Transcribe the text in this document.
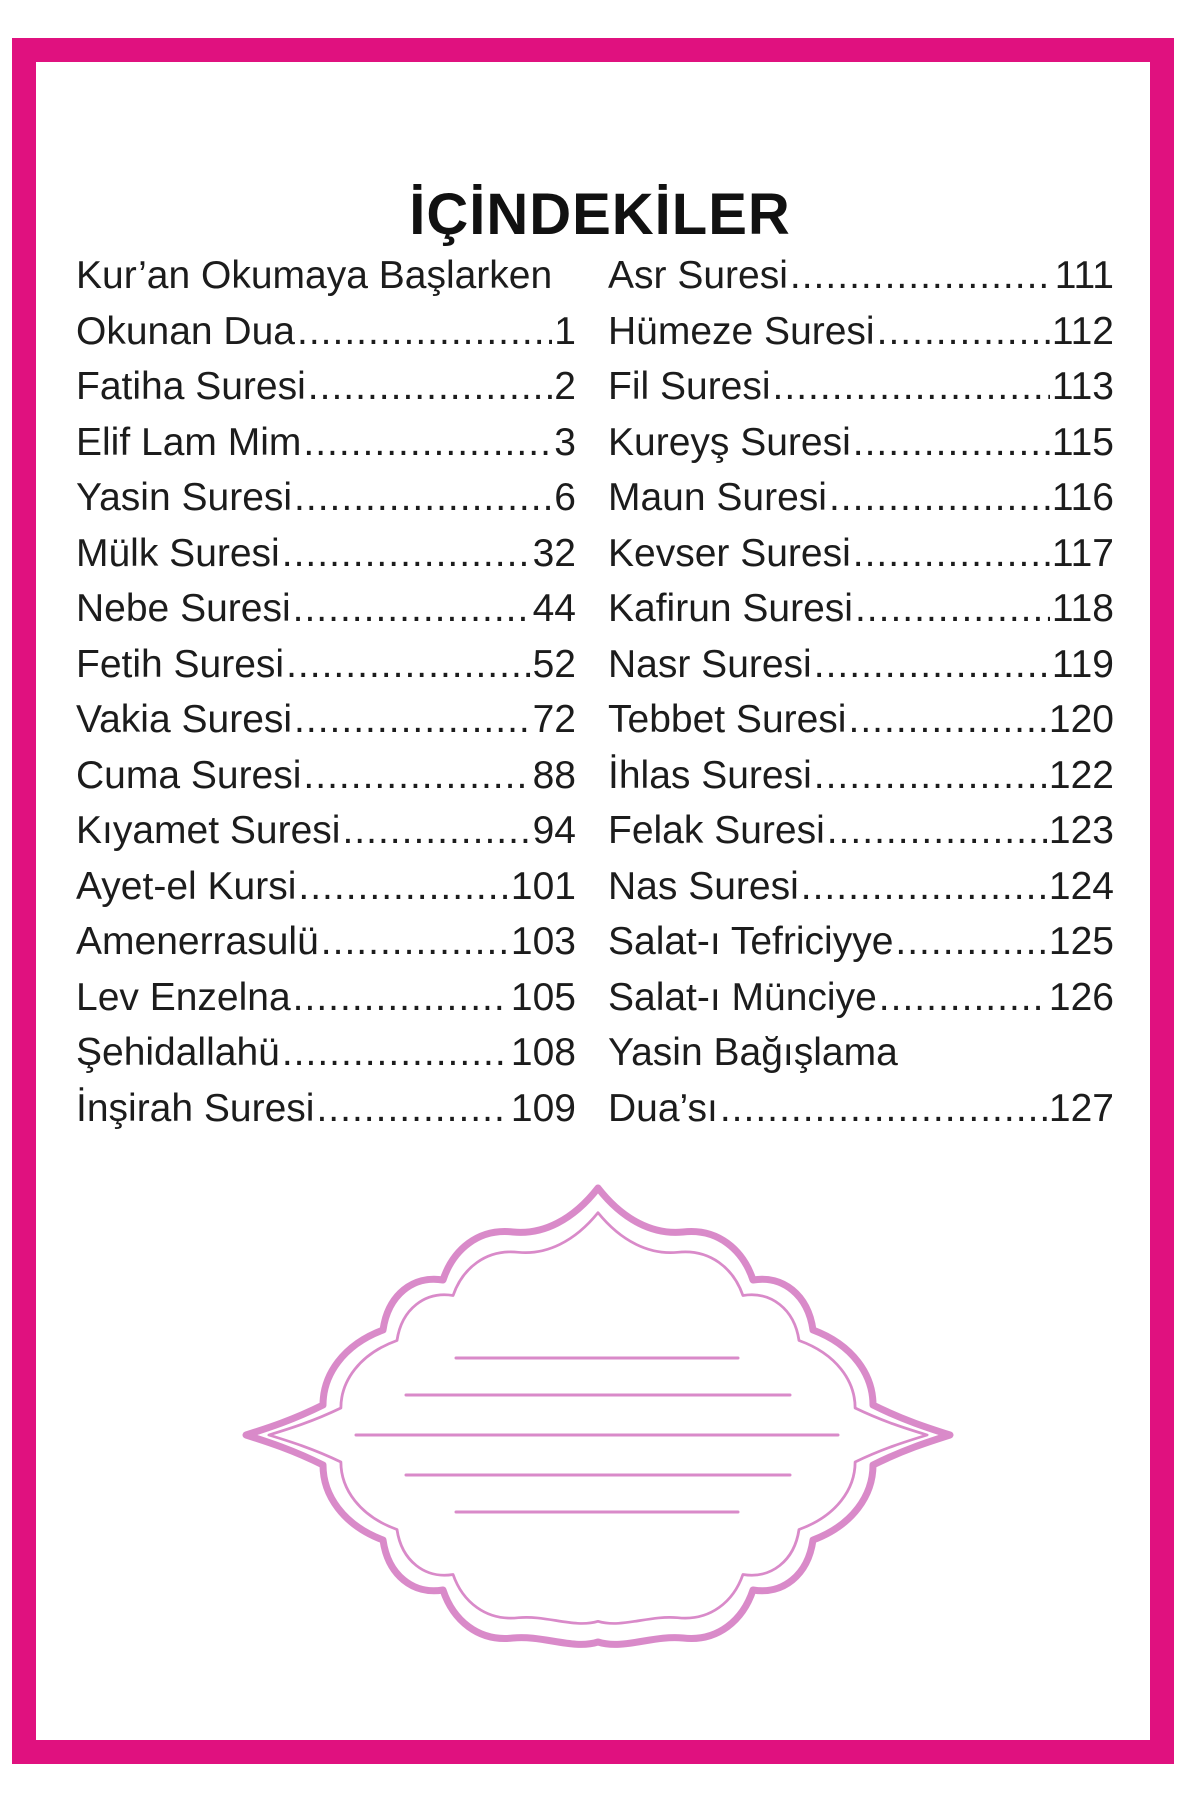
İÇİNDEKİLER
Kur’an Okumaya Başlarken
Okunan Dua .....	1
Fatiha Suresi .....	2
Elif Lam Mim .....	3
Yasin Suresi .....	6
Mülk Suresi .....	32
Nebe Suresi .....	44
Fetih Suresi .....	52
Vakia Suresi .....	72
Cuma Suresi .....	88
Kıyamet Suresi .....	94
Ayet-el Kursi .....	101
Amenerrasulü .....	103
Lev Enzelna .....	105
Şehidallahü .....	108
İnşirah Suresi .....	109
Asr Suresi .....	111
Hümeze Suresi .....	112
Fil Suresi .....	113
Kureyş Suresi .....	115
Maun Suresi .....	116
Kevser Suresi .....	117
Kafirun Suresi .....	118
Nasr Suresi .....	119
Tebbet Suresi .....	120
İhlas Suresi .....	122
Felak Suresi .....	123
Nas Suresi .....	124
Salat-ı Tefriciyye .....	125
Salat-ı Münciye .....	126
Yasin Bağışlama
Dua’sı .....	127
